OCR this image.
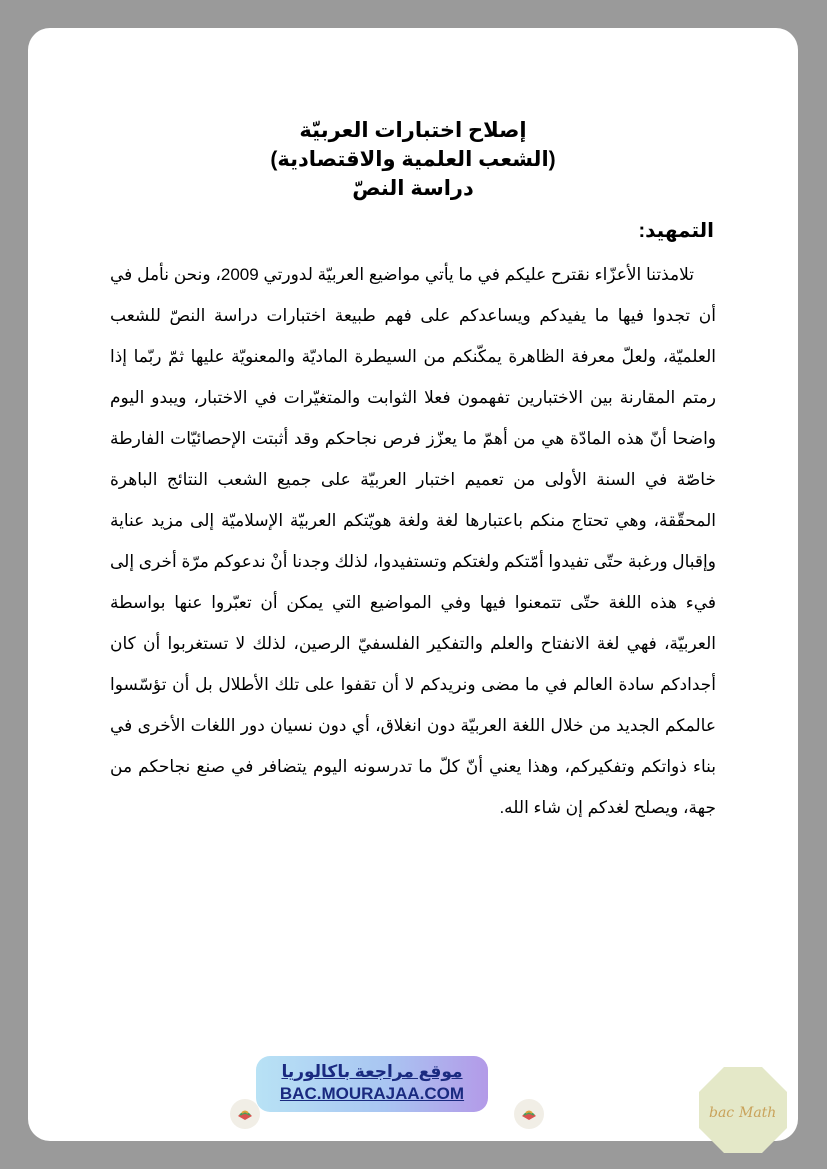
إصلاح اختبارات العربيّة
(الشعب العلمية والاقتصادية)
دراسة النصّ
التمهيد:

تلامذتنا الأعزّاء نقترح عليكم في ما يأتي مواضيع العربيّة لدورتي 2009، ونحن نأمل في أن تجدوا فيها ما يفيدكم ويساعدكم على فهم طبيعة اختبارات دراسة النصّ للشعب العلميّة، ولعلّ معرفة الظاهرة يمكّنكم من السيطرة الماديّة والمعنويّة عليها ثمّ ربّما إذا رمتم المقارنة بين الاختبارين تفهمون فعلا الثوابت والمتغيّرات في الاختبار، ويبدو اليوم واضحا أنّ هذه المادّة هي من أهمّ ما يعزّز فرص نجاحكم وقد أثبتت الإحصائيّات الفارطة خاصّة في السنة الأولى من تعميم اختبار العربيّة على جميع الشعب النتائج الباهرة المحقّقة، وهي تحتاج منكم باعتبارها لغة ولغة هويّتكم العربيّة الإسلاميّة إلى مزيد عناية وإقبال ورغبة حتّى تفيدوا أمّتكم ولغتكم وتستفيدوا، لذلك وجدنا أنْ ندعوكم مرّة أخرى إلى فيء هذه اللغة حتّى تتمعنوا فيها وفي المواضيع التي يمكن أن تعبّروا عنها بواسطة العربيّة، فهي لغة الانفتاح والعلم والتفكير الفلسفيّ الرصين، لذلك لا تستغربوا أن كان أجدادكم سادة العالم في ما مضى ونريدكم لا أن تقفوا على تلك الأطلال بل أن تؤسّسوا عالمكم الجديد من خلال اللغة العربيّة دون انغلاق، أي دون نسيان دور اللغات الأخرى في بناء ذواتكم وتفكيركم، وهذا يعني أنّ كلّ ما تدرسونه اليوم يتضافر في صنع نجاحكم من جهة، ويصلح لغدكم إن شاء الله.

موقع مراجعة باكالوريا
BAC.MOURAJAA.COM
bac Math
